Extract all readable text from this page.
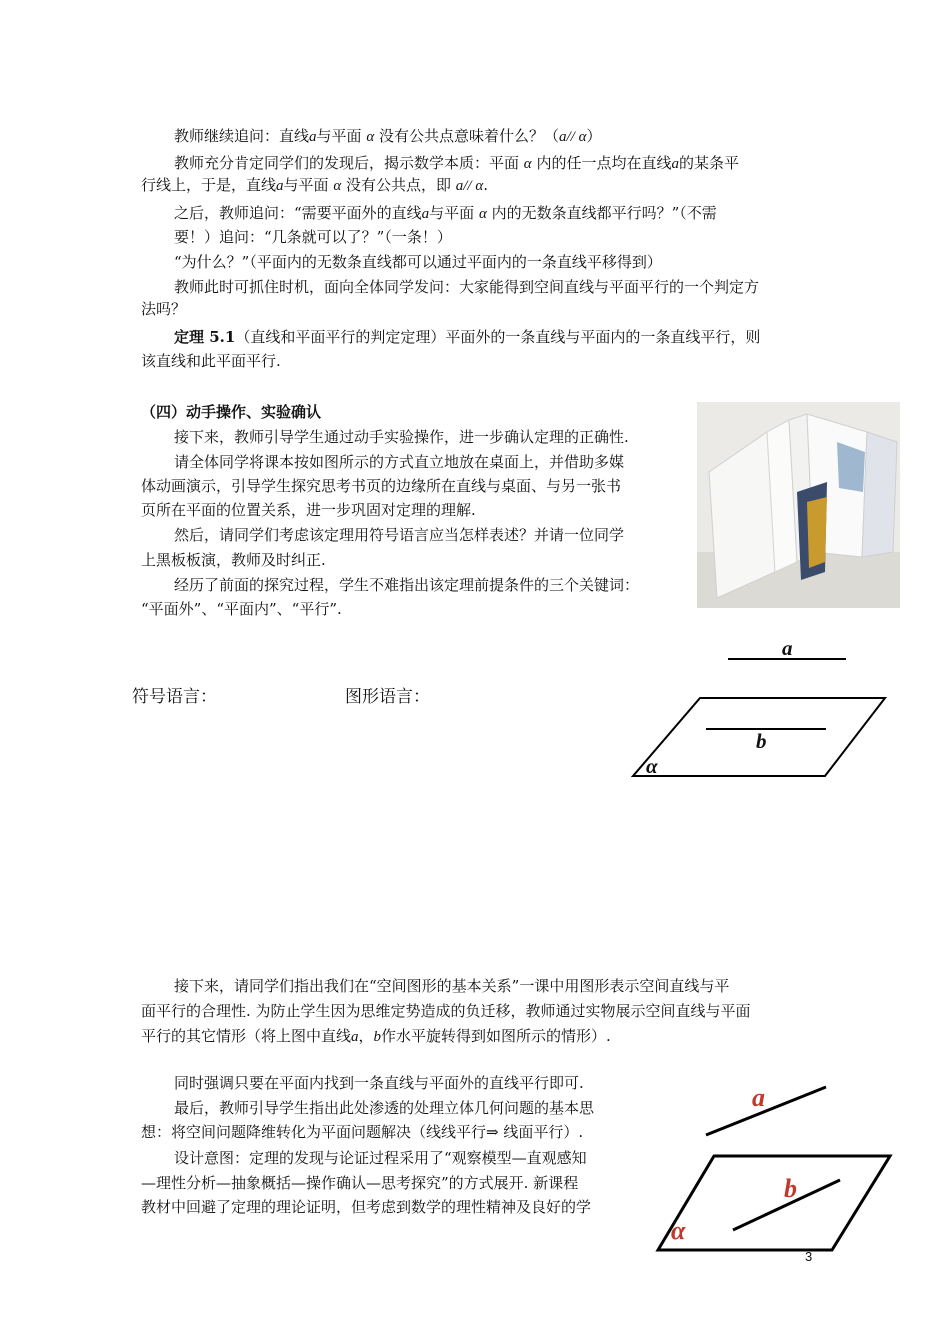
教师继续追问：直线a与平面 α 没有公共点意味着什么？（a// α）
教师充分肯定同学们的发现后，揭示数学本质：平面 α 内的任一点均在直线a的某条平
行线上，于是，直线a与平面 α 没有公共点，即 a// α.
之后，教师追问：“需要平面外的直线a与平面 α 内的无数条直线都平行吗？”（不需
要！）追问：“几条就可以了？”（一条！）
“为什么？”（平面内的无数条直线都可以通过平面内的一条直线平移得到）
教师此时可抓住时机，面向全体同学发问：大家能得到空间直线与平面平行的一个判定方
法吗？
定理 5.1（直线和平面平行的判定定理）平面外的一条直线与平面内的一条直线平行，则
该直线和此平面平行.
（四）动手操作、实验确认
接下来，教师引导学生通过动手实验操作，进一步确认定理的正确性.
请全体同学将课本按如图所示的方式直立地放在桌面上，并借助多媒
体动画演示，引导学生探究思考书页的边缘所在直线与桌面、与另一张书
页所在平面的位置关系，进一步巩固对定理的理解.
然后，请同学们考虑该定理用符号语言应当怎样表述？并请一位同学
上黑板板演，教师及时纠正.
经历了前面的探究过程，学生不难指出该定理前提条件的三个关键词：
“平面外”、“平面内”、“平行”.
符号语言：	图形语言：
a
b
α
接下来，请同学们指出我们在“空间图形的基本关系”一课中用图形表示空间直线与平
面平行的合理性. 为防止学生因为思维定势造成的负迁移，教师通过实物展示空间直线与平面
平行的其它情形（将上图中直线a，b作水平旋转得到如图所示的情形）.
同时强调只要在平面内找到一条直线与平面外的直线平行即可.
最后，教师引导学生指出此处渗透的处理立体几何问题的基本思
想：将空间问题降维转化为平面问题解决（线线平行⇒ 线面平行）.
设计意图：定理的发现与论证过程采用了“观察模型—直观感知
—理性分析—抽象概括—操作确认—思考探究”的方式展开. 新课程
教材中回避了定理的理论证明，但考虑到数学的理性精神及良好的学
a
b
α
3
